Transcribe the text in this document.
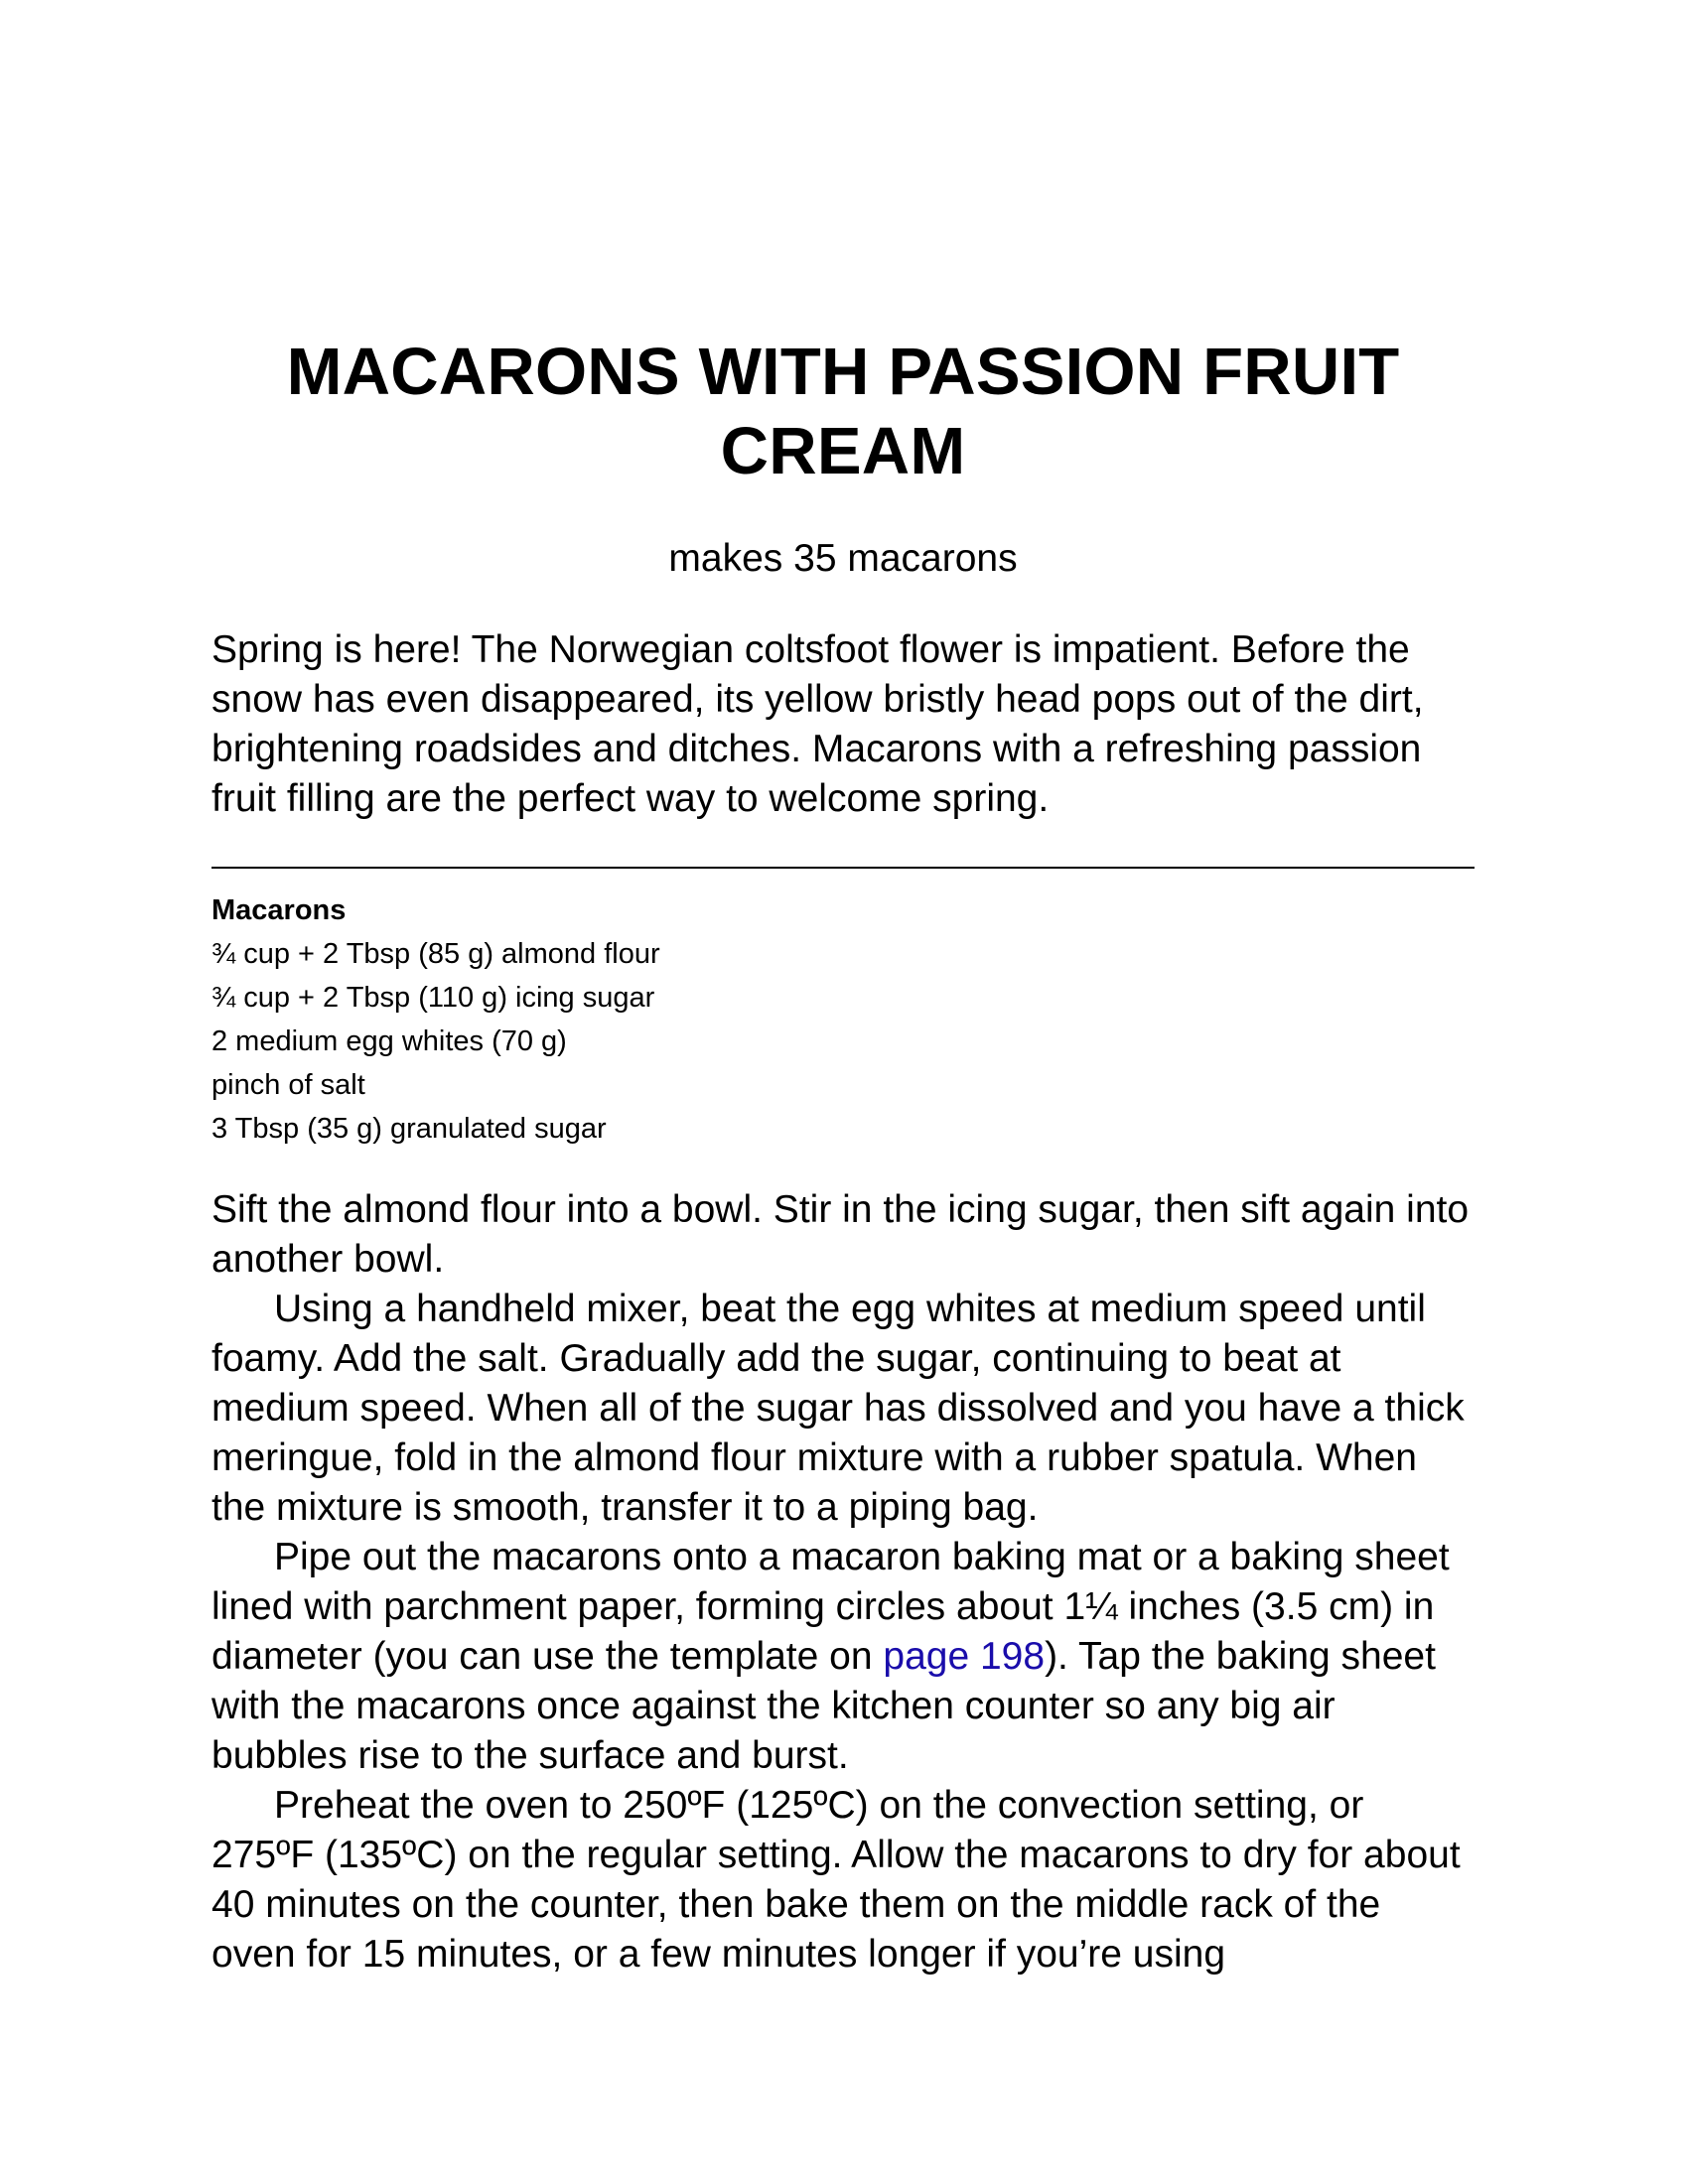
MACARONS WITH PASSION FRUIT
CREAM
makes 35 macarons

Spring is here! The Norwegian coltsfoot flower is impatient. Before the snow has even disappeared, its yellow bristly head pops out of the dirt, brightening roadsides and ditches. Macarons with a refreshing passion fruit filling are the perfect way to welcome spring.

Macarons
¾ cup + 2 Tbsp (85 g) almond flour
¾ cup + 2 Tbsp (110 g) icing sugar
2 medium egg whites (70 g)
pinch of salt
3 Tbsp (35 g) granulated sugar

Sift the almond flour into a bowl. Stir in the icing sugar, then sift again into another bowl.

Using a handheld mixer, beat the egg whites at medium speed until foamy. Add the salt. Gradually add the sugar, continuing to beat at medium speed. When all of the sugar has dissolved and you have a thick meringue, fold in the almond flour mixture with a rubber spatula. When the mixture is smooth, transfer it to a piping bag.

Pipe out the macarons onto a macaron baking mat or a baking sheet lined with parchment paper, forming circles about 1¼ inches (3.5 cm) in diameter (you can use the template on page 198). Tap the baking sheet with the macarons once against the kitchen counter so any big air bubbles rise to the surface and burst.

Preheat the oven to 250ºF (125ºC) on the convection setting, or 275ºF (135ºC) on the regular setting. Allow the macarons to dry for about 40 minutes on the counter, then bake them on the middle rack of the oven for 15 minutes, or a few minutes longer if you’re using
